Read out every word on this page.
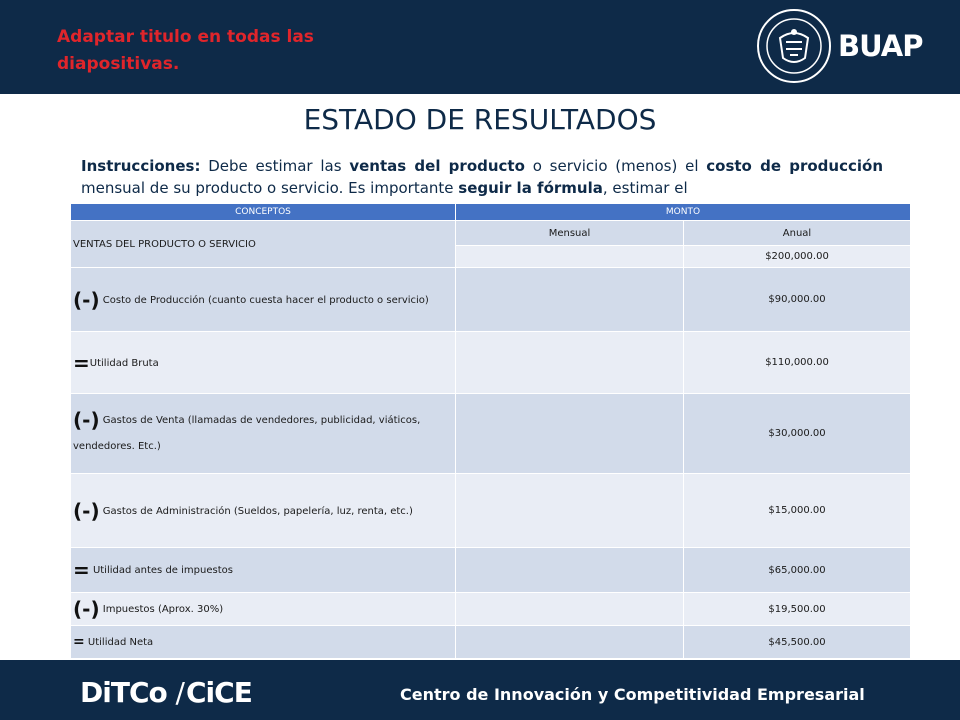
Adaptar titulo en todas las diapositivas.
BUAP
ESTADO DE RESULTADOS
Instrucciones: Debe estimar las ventas del producto o servicio (menos) el costo de producción mensual de su producto o servicio. Es importante seguir la fórmula, estimar el
CONCEPTOS	MONTO	
VENTAS DEL PRODUCTO O SERVICIO	Mensual	Anual
		$200,000.00
(-) Costo de Producción (cuanto cuesta hacer el producto o servicio)		$90,000.00
=Utilidad Bruta		$110,000.00
(-) Gastos de Venta (llamadas de vendedores, publicidad, viáticos, vendedores. Etc.)		$30,000.00
(-) Gastos de Administración (Sueldos, papelería, luz, renta, etc.)		$15,000.00
= Utilidad antes de impuestos		$65,000.00
(-) Impuestos (Aprox. 30%)		$19,500.00
= Utilidad Neta		$45,500.00
DiTCo / CiCE	Centro de Innovación y Competitividad Empresarial
